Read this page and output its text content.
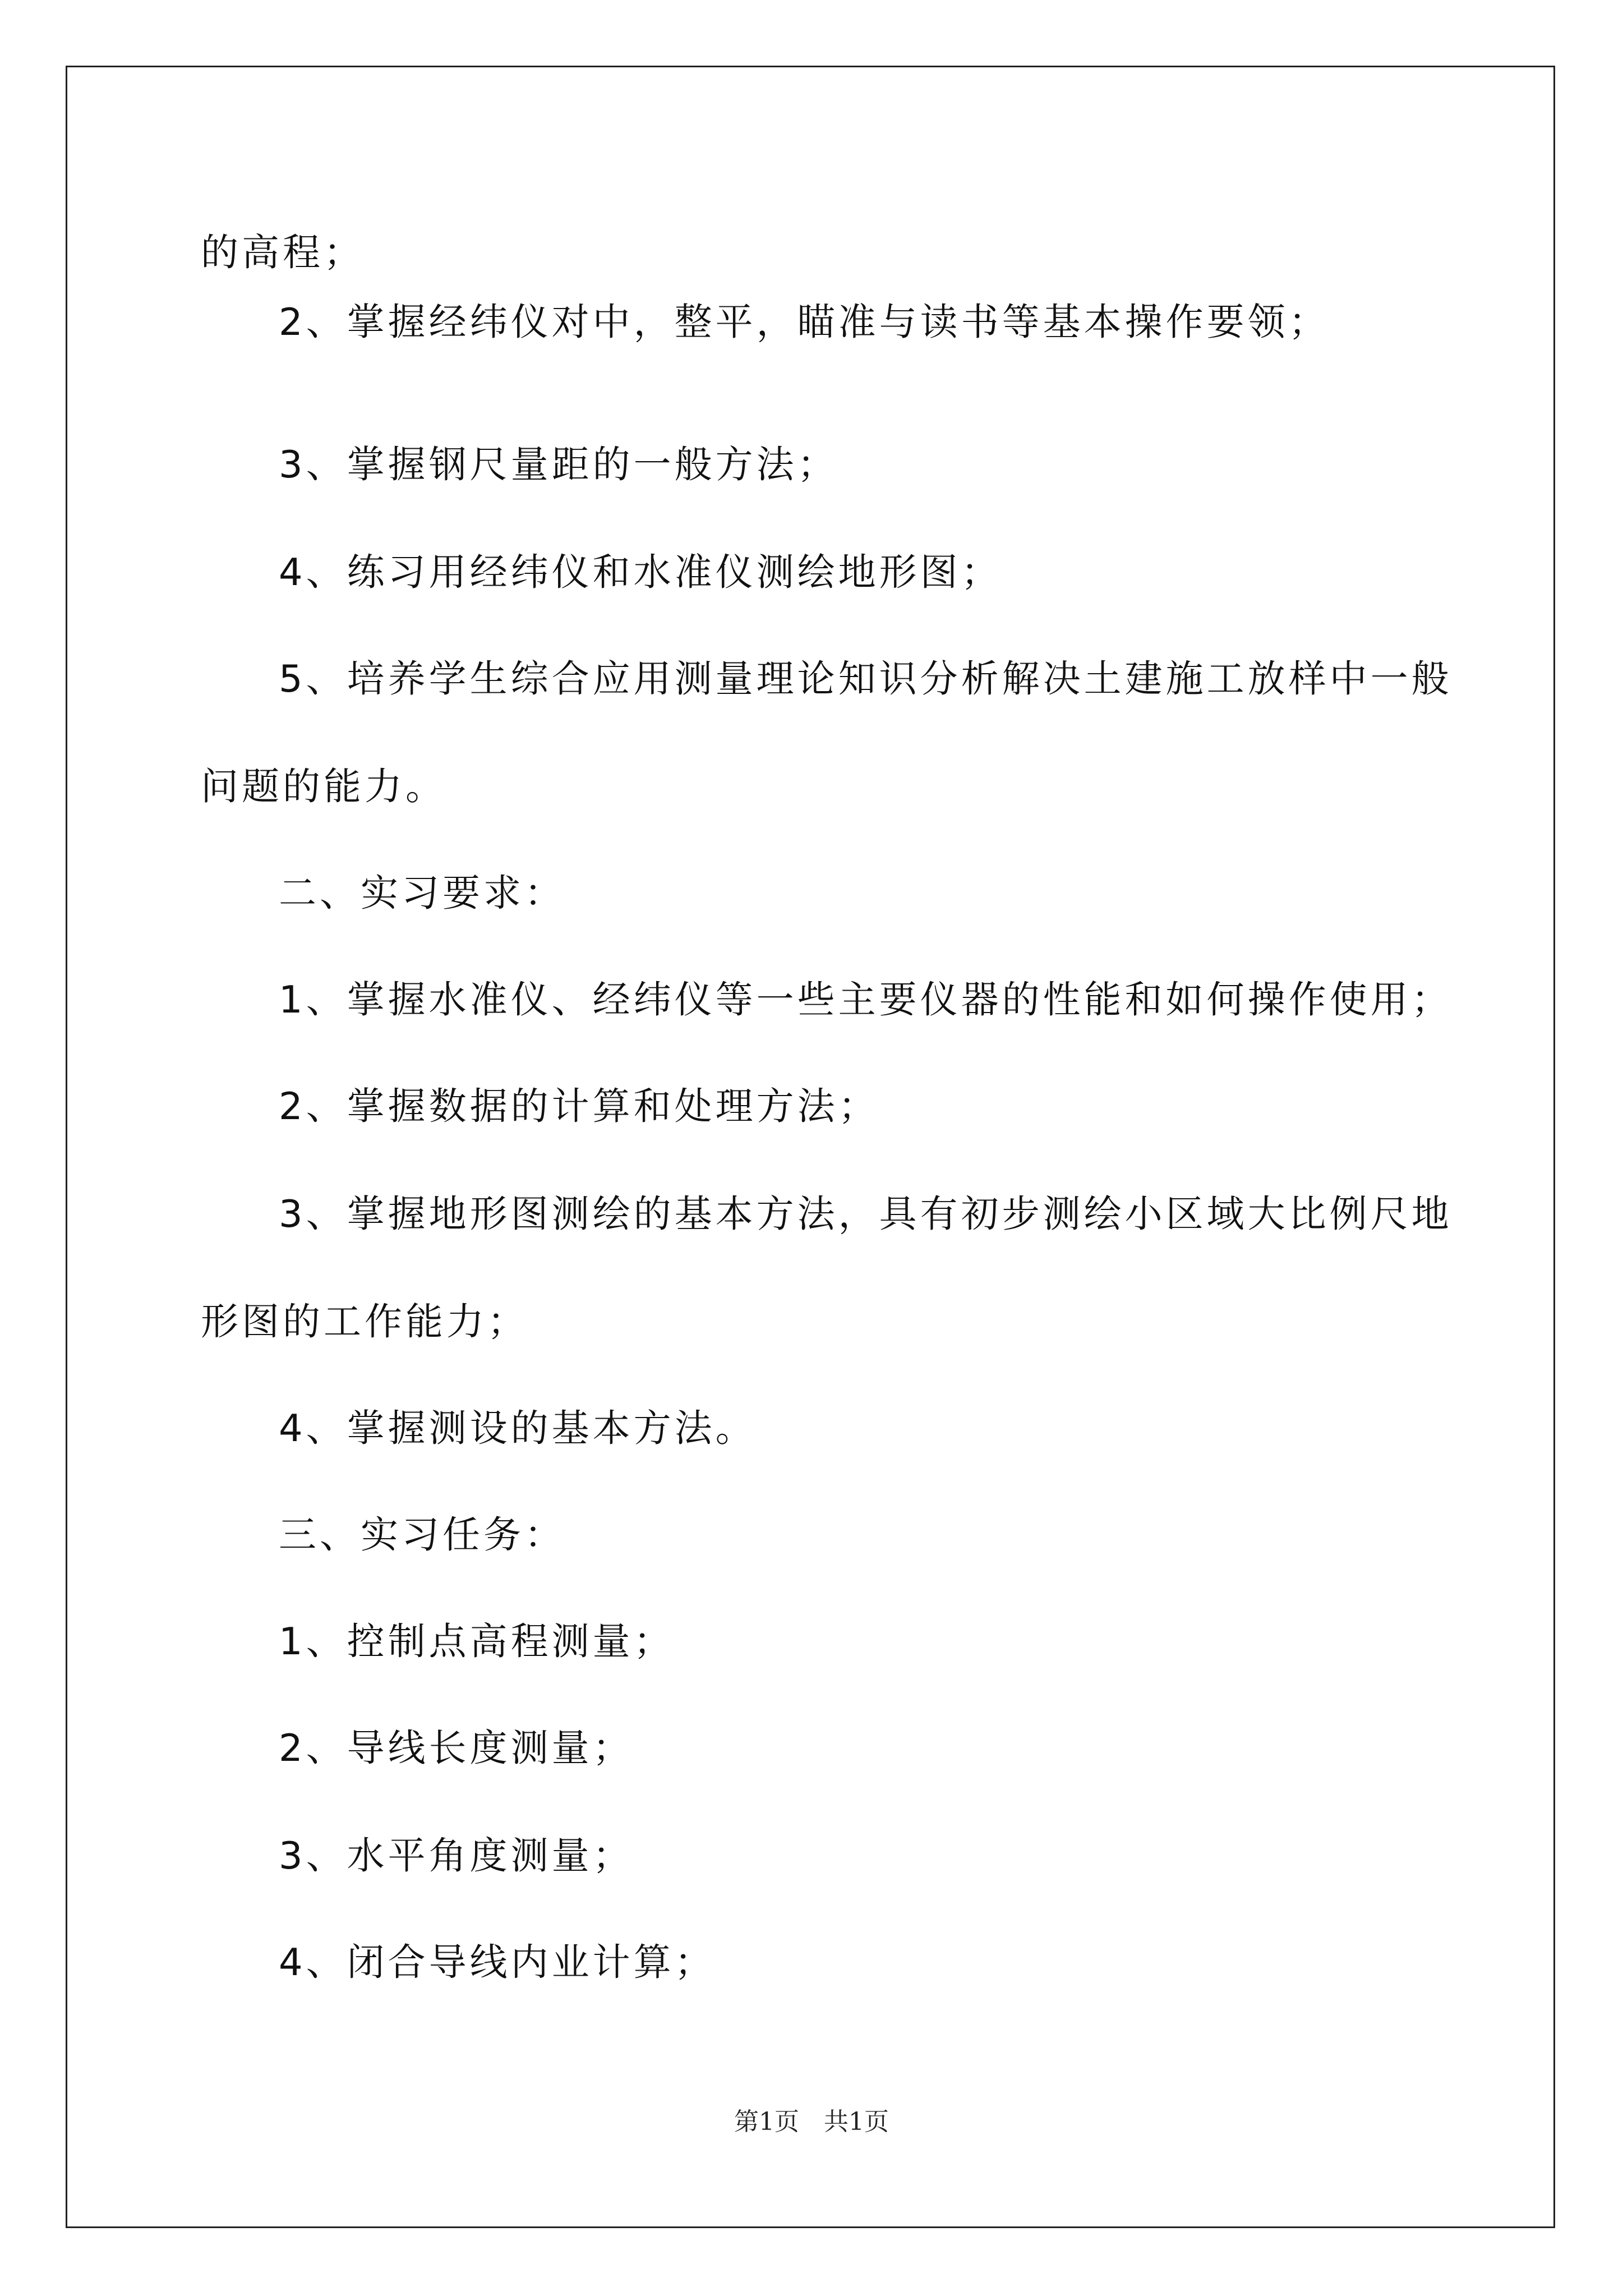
的高程；
2、掌握经纬仪对中，整平，瞄准与读书等基本操作要领；
3、掌握钢尺量距的一般方法；
4、练习用经纬仪和水准仪测绘地形图；
5、培养学生综合应用测量理论知识分析解决土建施工放样中一般
问题的能力。
二、实习要求：
1、掌握水准仪、经纬仪等一些主要仪器的性能和如何操作使用；
2、掌握数据的计算和处理方法；
3、掌握地形图测绘的基本方法，具有初步测绘小区域大比例尺地
形图的工作能力；
4、掌握测设的基本方法。
三、实习任务：
1、控制点高程测量；
2、导线长度测量；
3、水平角度测量；
4、闭合导线内业计算；
第1页 共1页
